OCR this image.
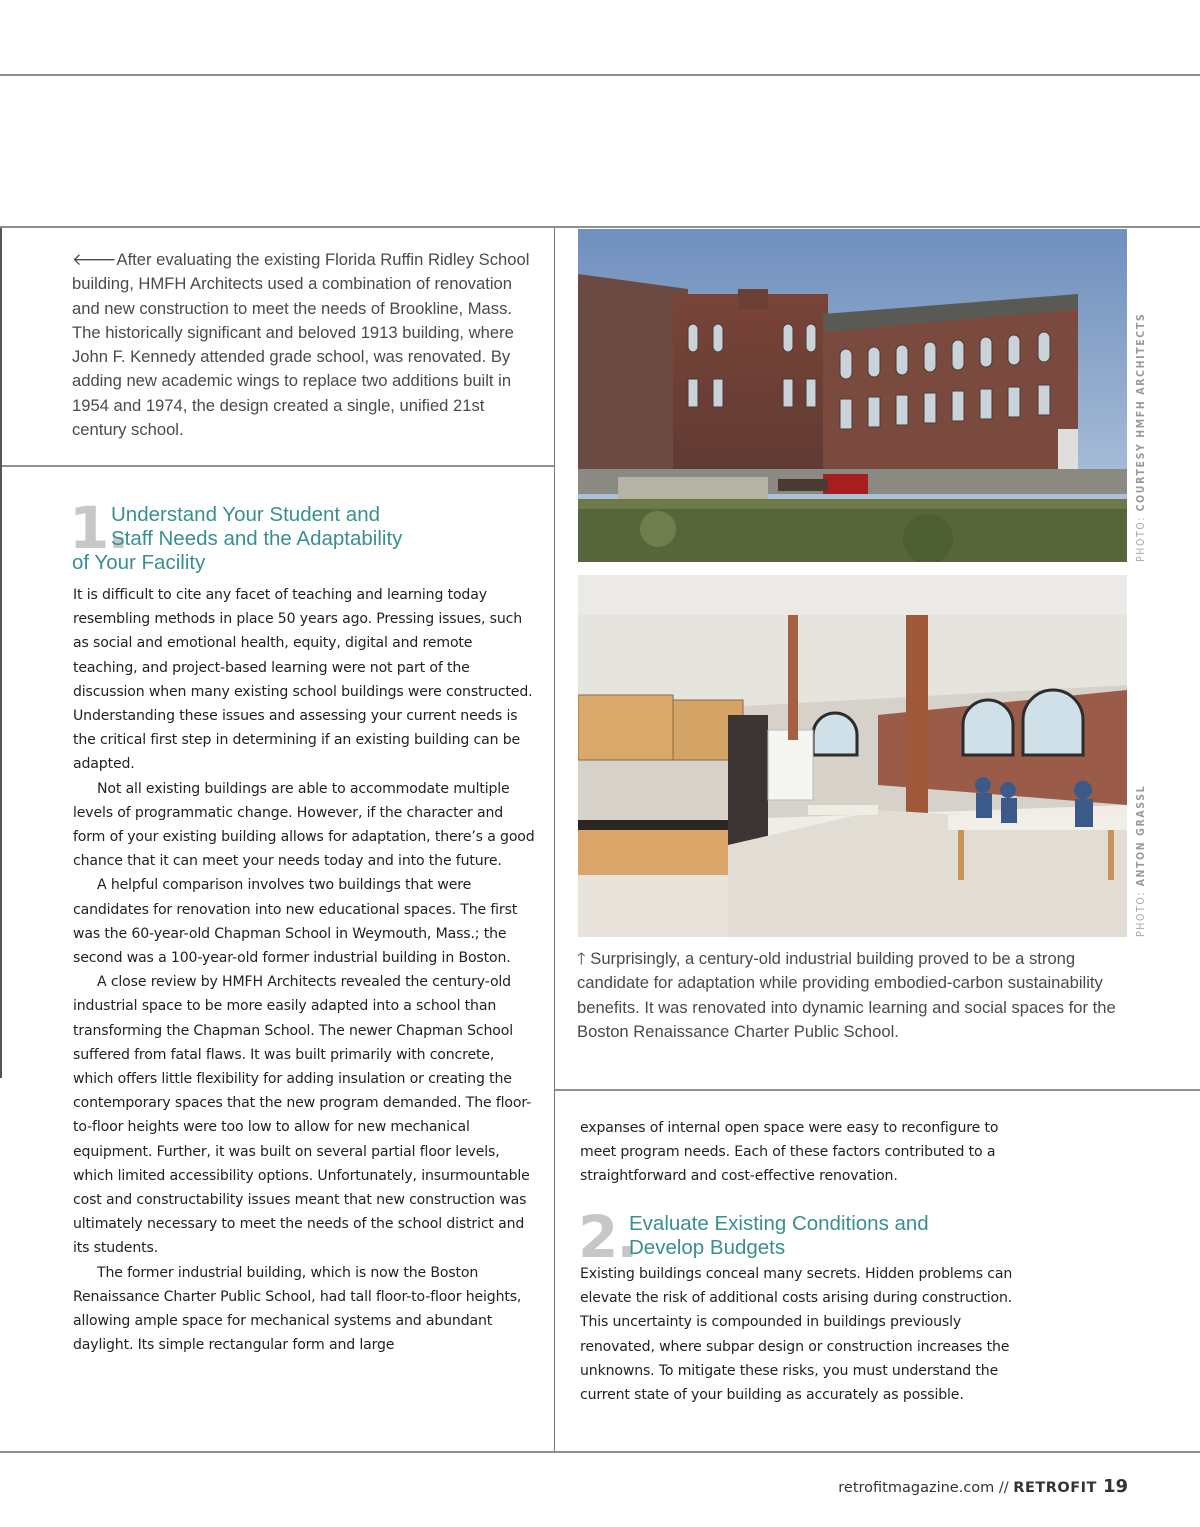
🡐After evaluating the existing Florida Ruffin Ridley School building, HMFH Architects used a combination of renovation and new construction to meet the needs of Brookline, Mass. The historically significant and beloved 1913 building, where John F. Kennedy attended grade school, was renovated. By adding new academic wings to replace two additions built in 1954 and 1974, the design created a single, unified 21st century school.
1.
Understand Your Student and
Staff Needs and the Adaptability
of Your Facility

It is difficult to cite any facet of teaching and learning today resembling methods in place 50 years ago. Pressing issues, such as social and emotional health, equity, digital and remote teaching, and project-based learning were not part of the discussion when many existing school buildings were constructed. Understanding these issues and assessing your current needs is the critical first step in determining if an existing building can be adapted.

Not all existing buildings are able to accommodate multiple levels of programmatic change. However, if the character and form of your existing building allows for adaptation, there’s a good chance that it can meet your needs today and into the future.

A helpful comparison involves two buildings that were candidates for renovation into new educational spaces. The first was the 60-year-old Chapman School in Weymouth, Mass.; the second was a 100-year-old former industrial building in Boston.

A close review by HMFH Architects revealed the century-old industrial space to be more easily adapted into a school than transforming the Chapman School. The newer Chapman School suffered from fatal flaws. It was built primarily with concrete, which offers little flexibility for adding insulation or creating the contemporary spaces that the new program demanded. The floor-to-floor heights were too low to allow for new mechanical equipment. Further, it was built on several partial floor levels, which limited accessibility options. Unfortunately, insurmountable cost and constructability issues meant that new construction was ultimately necessary to meet the needs of the school district and its students.

The former industrial building, which is now the Boston Renaissance Charter Public School, had tall floor-to-floor heights, allowing ample space for mechanical systems and abundant daylight. Its simple rectangular form and large

PHOTO: COURTESY HMFH ARCHITECTS
PHOTO: ANTON GRASSL
🡑 Surprisingly, a century-old industrial building proved to be a strong candidate for adaptation while providing embodied-carbon sustainability benefits. It was renovated into dynamic learning and social spaces for the Boston Renaissance Charter Public School.

expanses of internal open space were easy to reconfigure to meet program needs. Each of these factors contributed to a straightforward and cost-effective renovation.

2.
Evaluate Existing Conditions and
Develop Budgets

Existing buildings conceal many secrets. Hidden problems can elevate the risk of additional costs arising during construction. This uncertainty is compounded in buildings previously renovated, where subpar design or construction increases the unknowns. To mitigate these risks, you must understand the current state of your building as accurately as possible.

retrofitmagazine.com // RETROFIT 19
